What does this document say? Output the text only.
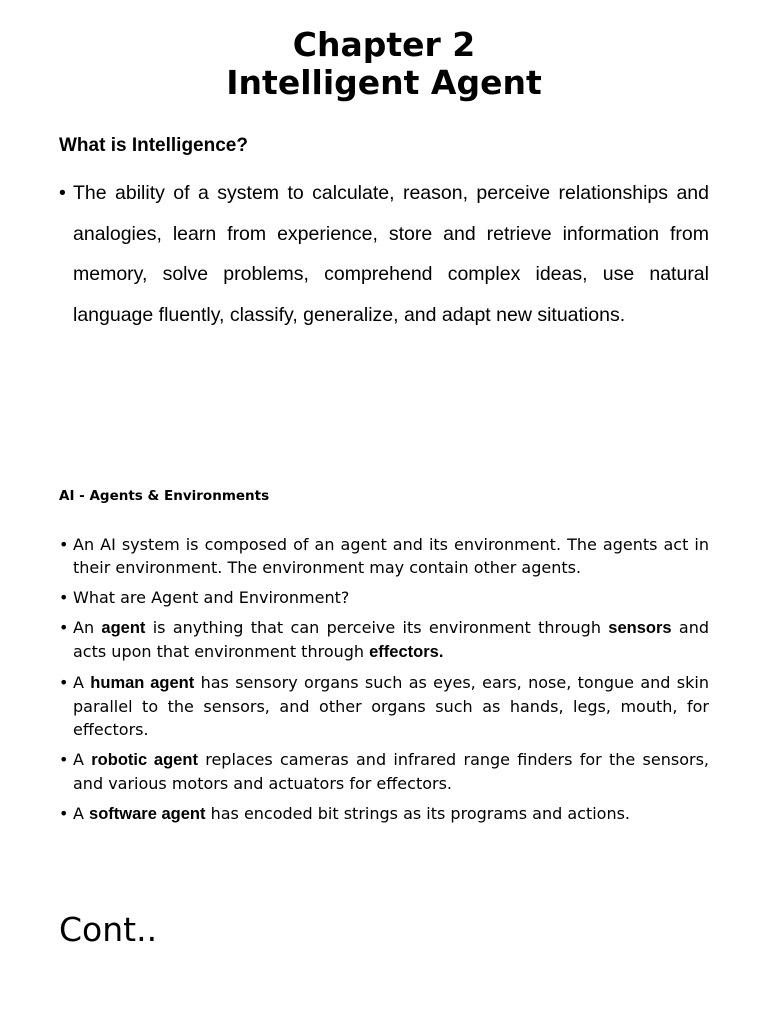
Chapter 2
Intelligent Agent
What is Intelligence?
• The ability of a system to calculate, reason, perceive relationships and analogies, learn from experience, store and retrieve information from memory, solve problems, comprehend complex ideas, use natural language fluently, classify, generalize, and adapt new situations.
AI - Agents & Environments
• An AI system is composed of an agent and its environment. The agents act in their environment. The environment may contain other agents.
• What are Agent and Environment?
• An agent is anything that can perceive its environment through sensors and acts upon that environment through effectors.
• A human agent has sensory organs such as eyes, ears, nose, tongue and skin parallel to the sensors, and other organs such as hands, legs, mouth, for effectors.
• A robotic agent replaces cameras and infrared range finders for the sensors, and various motors and actuators for effectors.
• A software agent has encoded bit strings as its programs and actions.
Cont..
